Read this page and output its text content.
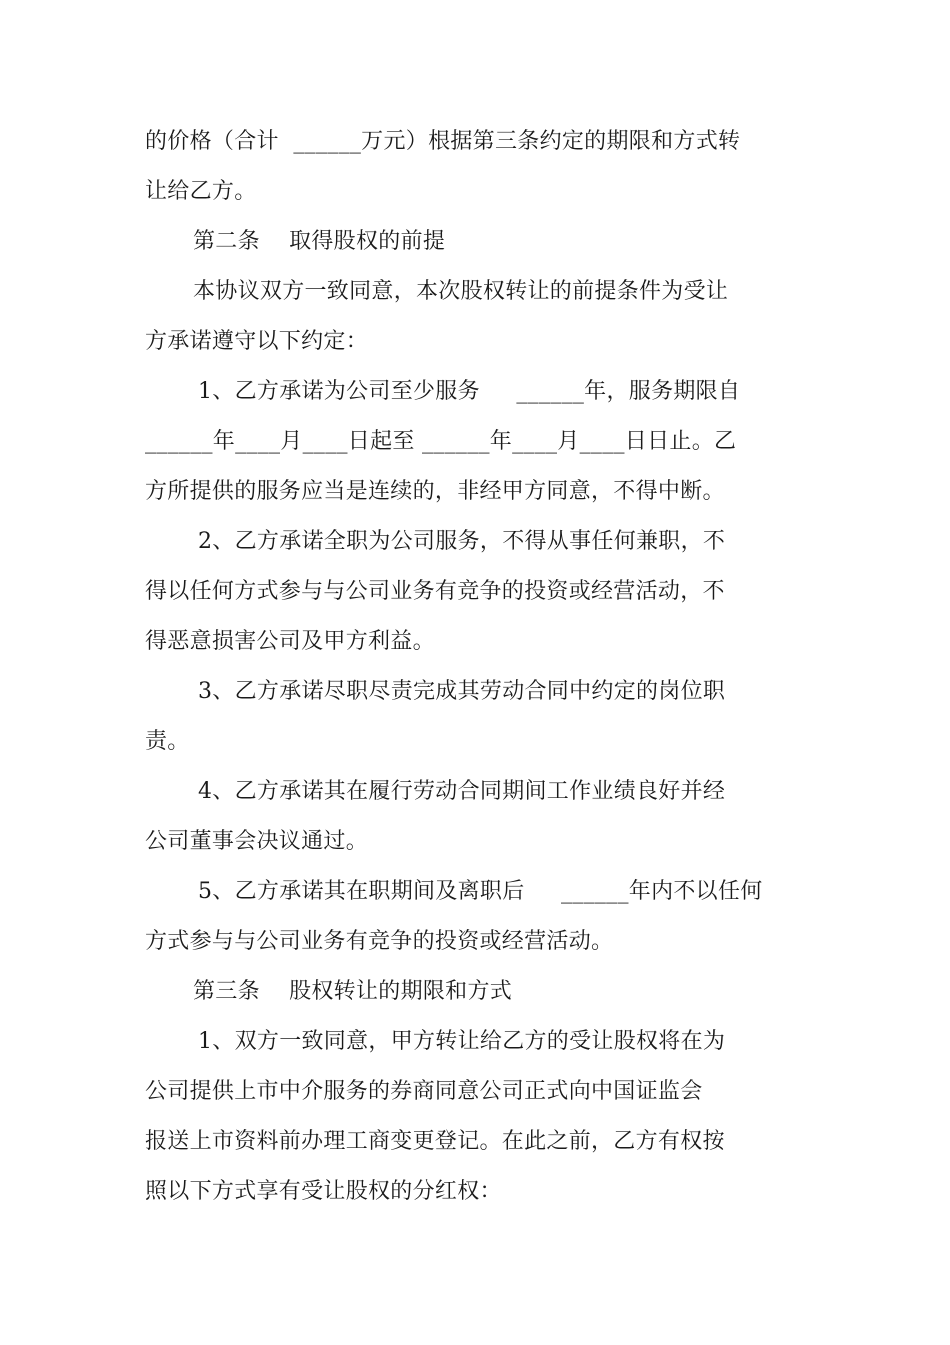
的价格（合计  ______万元）根据第三条约定的期限和方式转
让给乙方。
第二条    取得股权的前提
本协议双方一致同意，本次股权转让的前提条件为受让
方承诺遵守以下约定：
1、乙方承诺为公司至少服务     ______年，服务期限自
______年____月____日起至 ______年____月____日日止。乙
方所提供的服务应当是连续的，非经甲方同意，不得中断。
2、乙方承诺全职为公司服务，不得从事任何兼职，不
得以任何方式参与与公司业务有竞争的投资或经营活动，不
得恶意损害公司及甲方利益。
3、乙方承诺尽职尽责完成其劳动合同中约定的岗位职
责。
4、乙方承诺其在履行劳动合同期间工作业绩良好并经
公司董事会决议通过。
5、乙方承诺其在职期间及离职后     ______年内不以任何
方式参与与公司业务有竞争的投资或经营活动。
第三条    股权转让的期限和方式
1、双方一致同意，甲方转让给乙方的受让股权将在为
公司提供上市中介服务的券商同意公司正式向中国证监会
报送上市资料前办理工商变更登记。在此之前，乙方有权按
照以下方式享有受让股权的分红权：
